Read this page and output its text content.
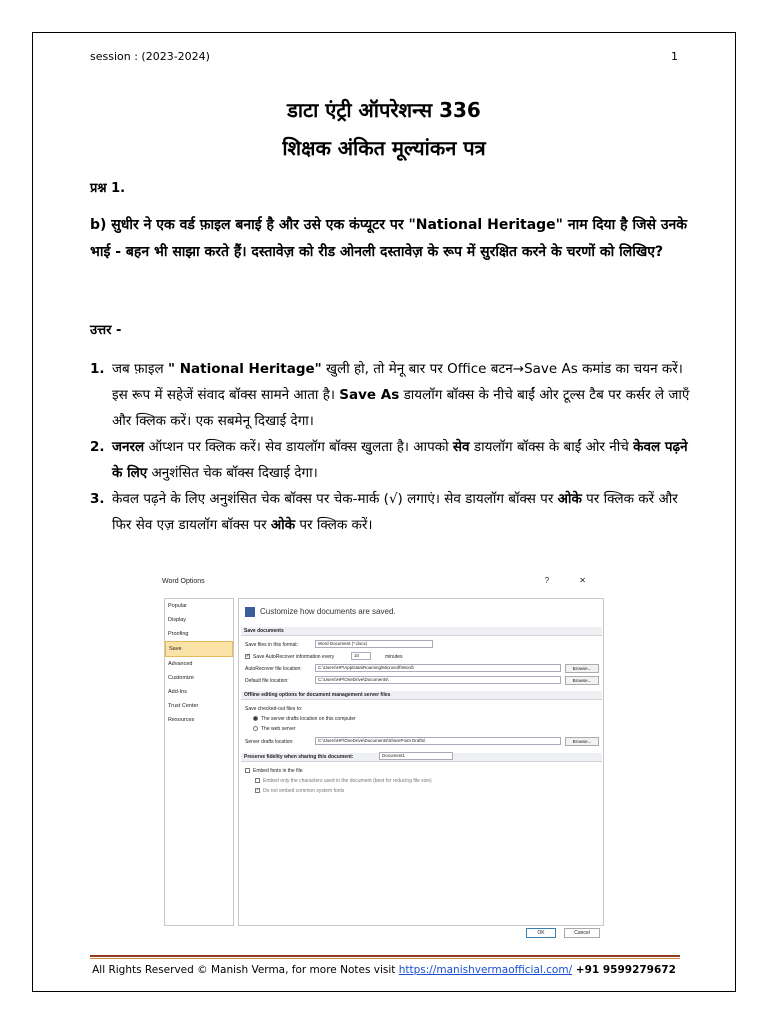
session : (2023-2024)	1
डाटा एंट्री ऑपरेशन्स 336
शिक्षक अंकित मूल्यांकन पत्र
प्रश्न 1.
b) सुधीर ने एक वर्ड फ़ाइल बनाई है और उसे एक कंप्यूटर पर "National Heritage" नाम दिया है जिसे उनके भाई - बहन भी साझा करते हैं। दस्तावेज़ को रीड ओनली दस्तावेज़ के रूप में सुरक्षित करने के चरणों को लिखिए?
उत्तर -
1. जब फ़ाइल " National Heritage" खुली हो, तो मेनू बार पर Office बटन→Save As कमांड का चयन करें। इस रूप में सहेजें संवाद बॉक्स सामने आता है। Save As डायलॉग बॉक्स के नीचे बाईं ओर टूल्स टैब पर कर्सर ले जाएँ और क्लिक करें। एक सबमेनू दिखाई देगा।
2. जनरल ऑप्शन पर क्लिक करें। सेव डायलॉग बॉक्स खुलता है। आपको सेव डायलॉग बॉक्स के बाईं ओर नीचे केवल पढ़ने के लिए अनुशंसित चेक बॉक्स दिखाई देगा।
3. केवल पढ़ने के लिए अनुशंसित चेक बॉक्स पर चेक-मार्क (√) लगाएं। सेव डायलॉग बॉक्स पर ओके पर क्लिक करें और फिर सेव एज़ डायलॉग बॉक्स पर ओके पर क्लिक करें।
Word Options	? ✕
Popular
Display
Proofing
Save
Advanced
Customize
Add-Ins
Trust Center
Resources
Customize how documents are saved.
Save documents
Save files in this format:	Word Document (*.docx)
✓ Save AutoRecover information every	10	minutes
AutoRecover file location:	C:\Users\HP\AppData\Roaming\Microsoft\Word\	Browse...
Default file location:	C:\Users\HP\OneDrive\Documents\	Browse...
Offline editing options for document management server files
Save checked-out files to:
The server drafts location on this computer
The web server
Server drafts location:	C:\Users\HP\OneDrive\Documents\SharePoint Drafts\	Browse...
Preserve fidelity when sharing this document:	Document1
Embed fonts in the file
Embed only the characters used in the document (best for reducing file size)
✓ Do not embed common system fonts
OK	Cancel
All Rights Reserved © Manish Verma, for more Notes visit https://manishvermaofficial.com/ +91 9599279672
